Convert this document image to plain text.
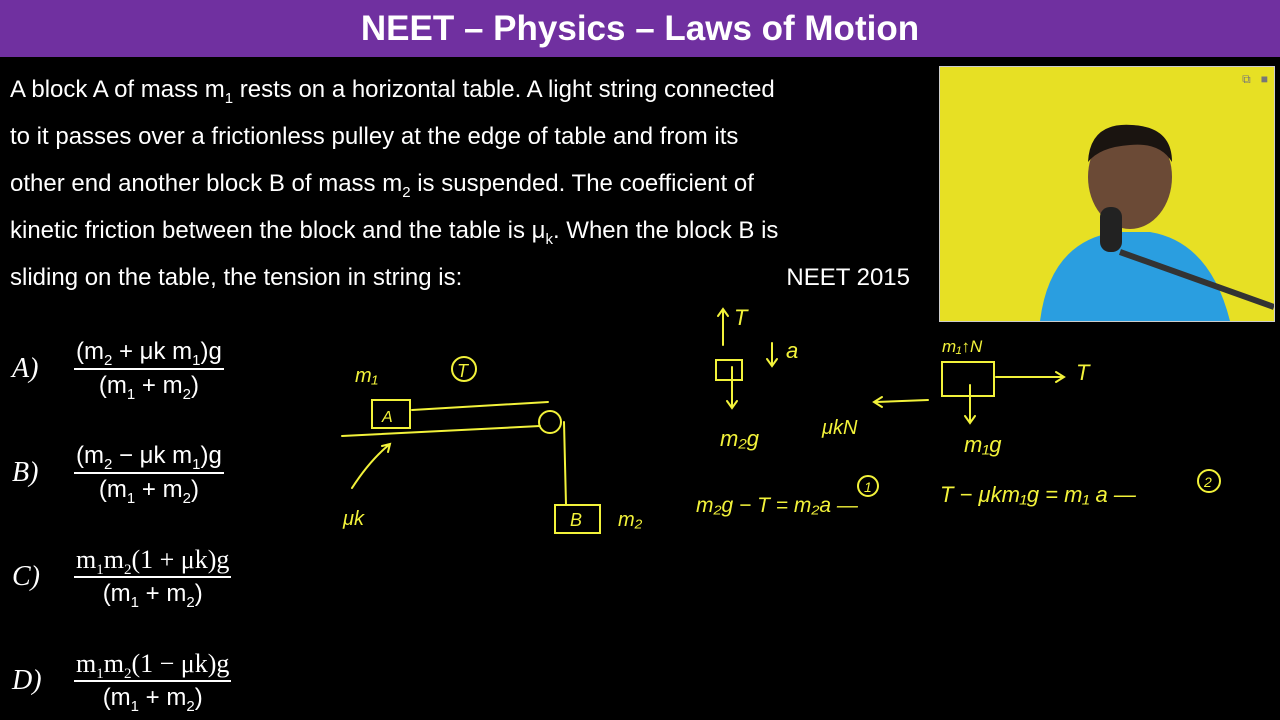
NEET – Physics – Laws of Motion
A block A of mass $m_1$ rests on a horizontal table. A light string connected
to it passes over a frictionless pulley at the edge of table and from its
other end another block B of mass $m_2$ is suspended. The coefficient of
kinetic friction between the block and the table is $\mu_k$. When the block B is
sliding on the table, the tension in string is:	NEET 2015
A)	$\frac{(m_2 + \mu k m_1)g}{(m_1 + m_2)}$
B)	$\frac{(m_2 - \mu k m_1)g}{(m_1 + m_2)}$
C)	$\frac{m_1m_2(1 + \mu k)g}{(m_1 + m_2)}$
D)	$\frac{m_1m_2(1 - \mu k)g}{(m_1 + m_2)}$
m₁	T
A
B m₂
μk
T
a
m₂g
m₁↑N
T
μkN
m₁g
m₂g − T = m₂a —
1	T − μkm₁g = m₁ a —	2
⧉ ■
